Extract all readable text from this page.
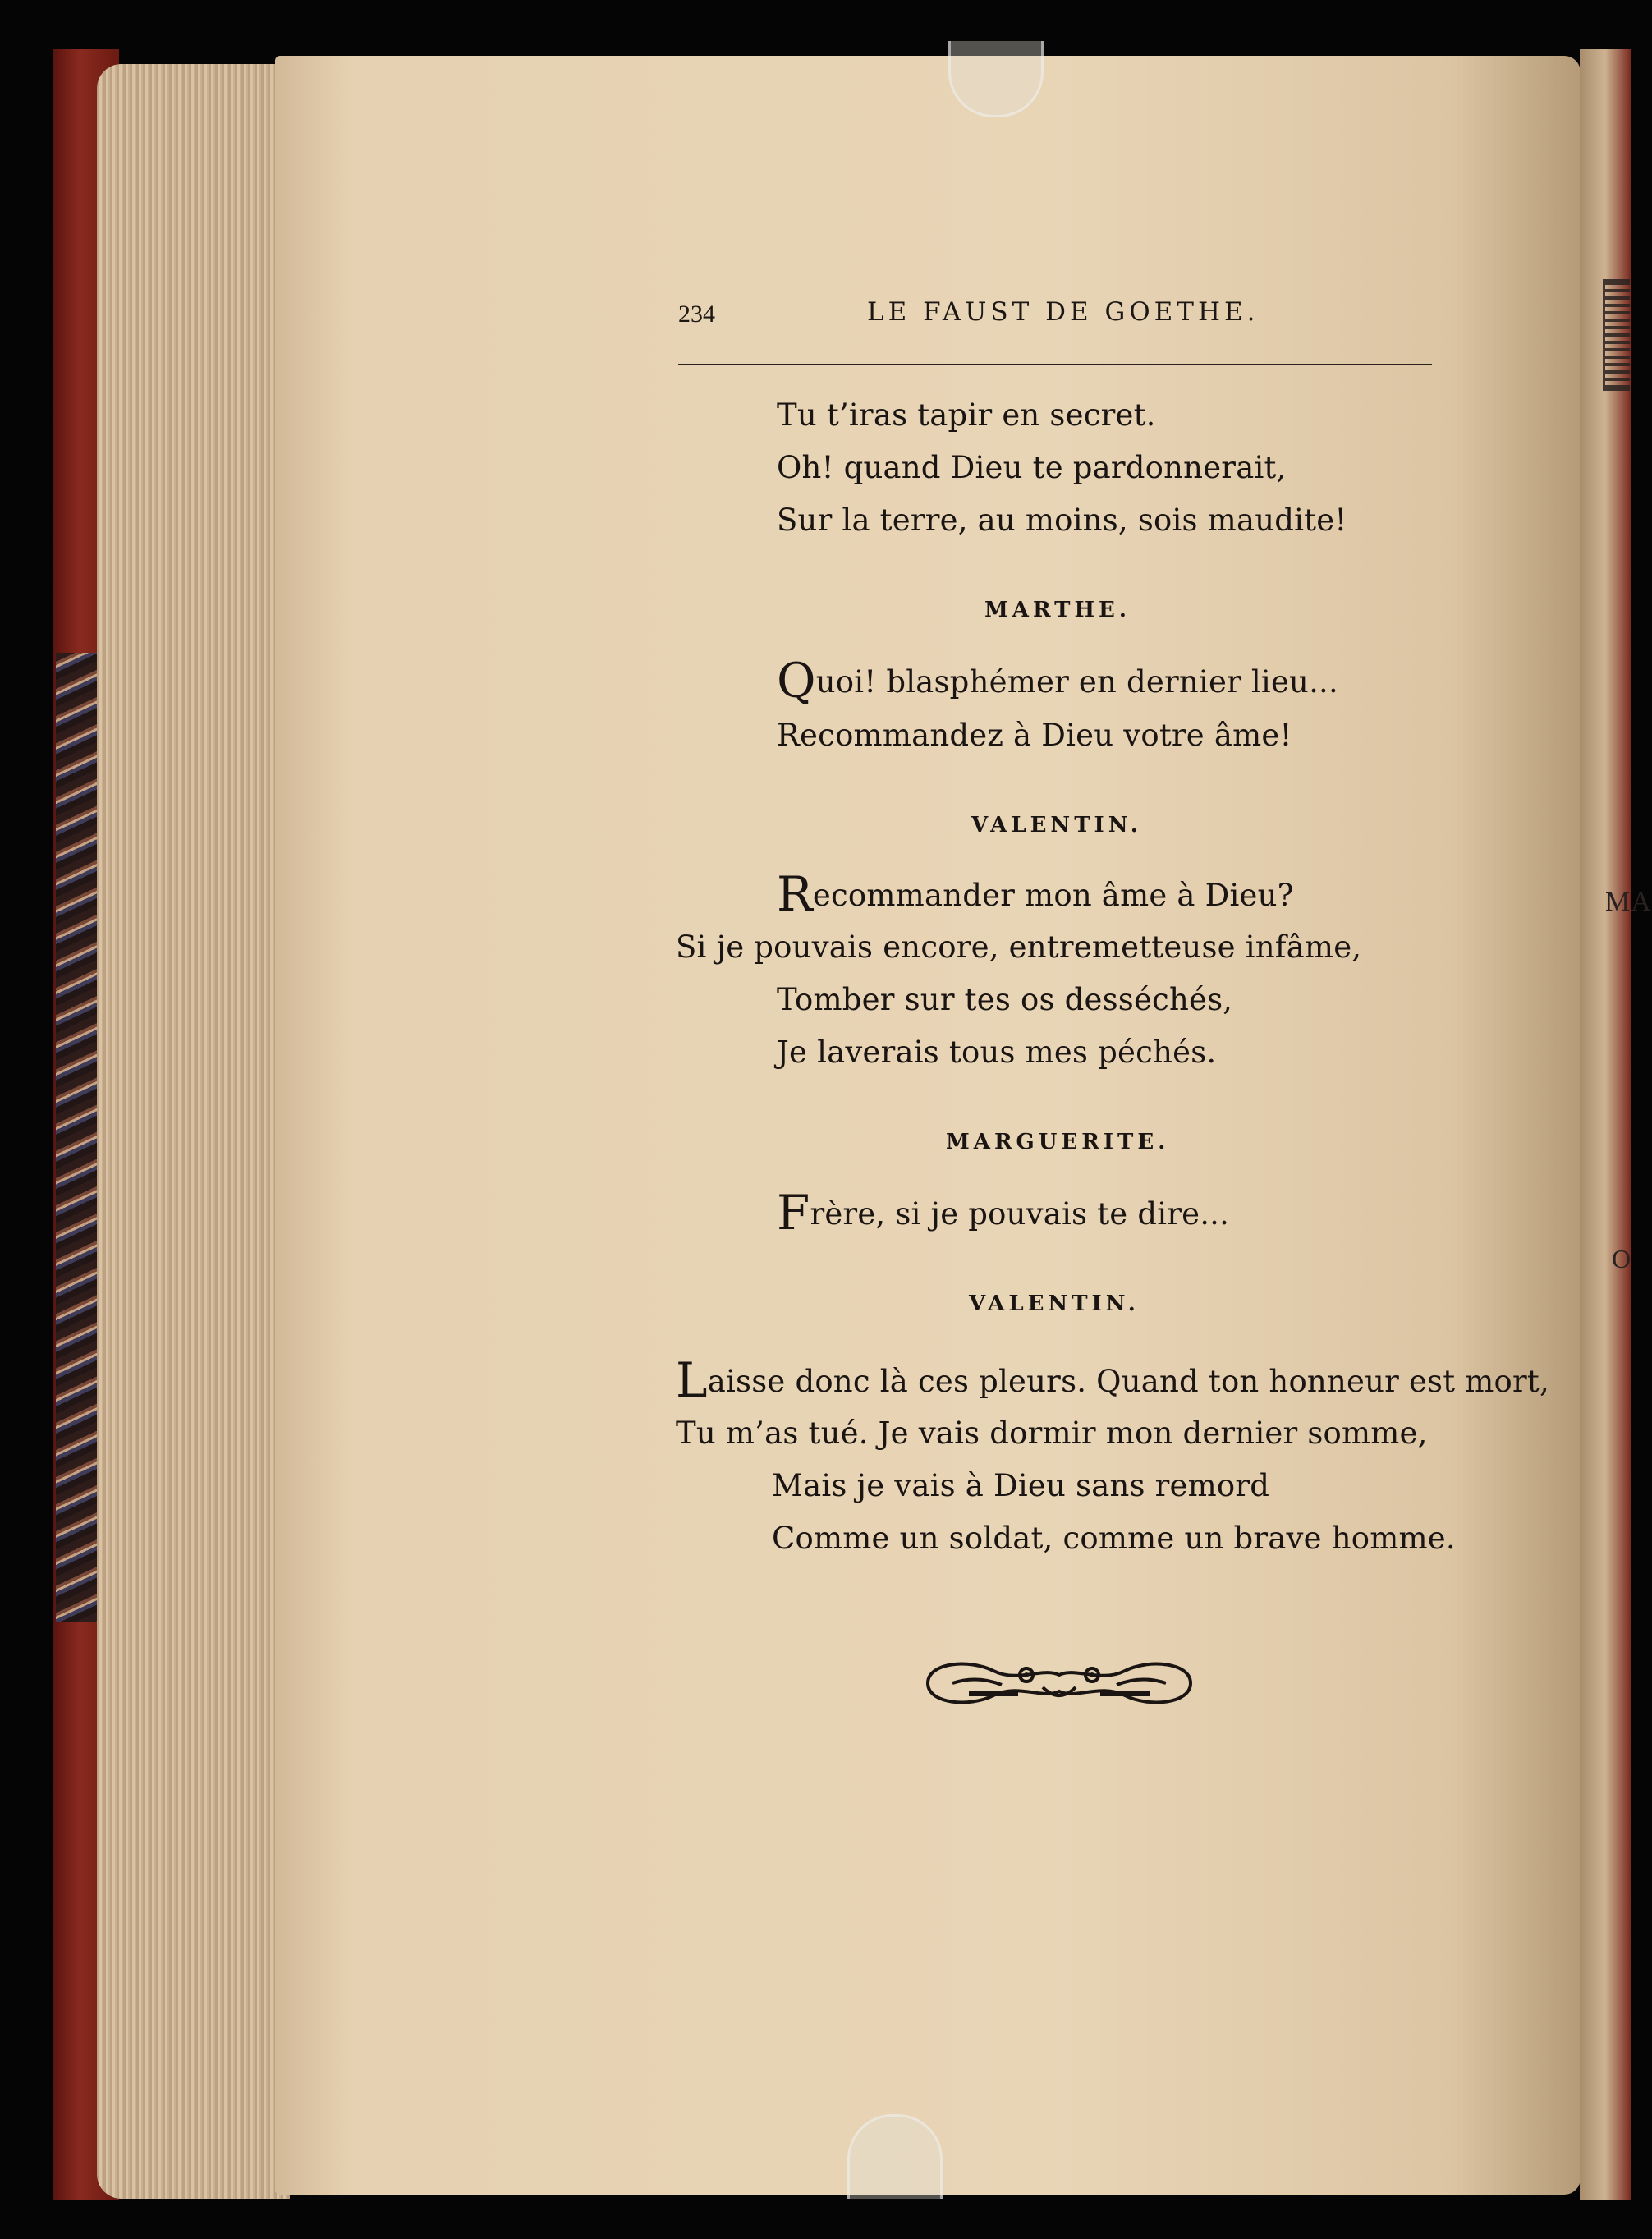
MA
O
234	LE FAUST DE GOETHE.

Tu t’iras tapir en secret.

Oh! quand Dieu te pardonnerait,

Sur la terre, au moins, sois maudite!

MARTHE.

Quoi! blasphémer en dernier lieu...

Recommandez à Dieu votre âme!

VALENTIN.

Recommander mon âme à Dieu?

Si je pouvais encore, entremetteuse infâme,

Tomber sur tes os desséchés,

Je laverais tous mes péchés.

MARGUERITE.

Frère, si je pouvais te dire...

VALENTIN.

Laisse donc là ces pleurs. Quand ton honneur est mort,

Tu m’as tué. Je vais dormir mon dernier somme,

Mais je vais à Dieu sans remord

Comme un soldat, comme un brave homme.
